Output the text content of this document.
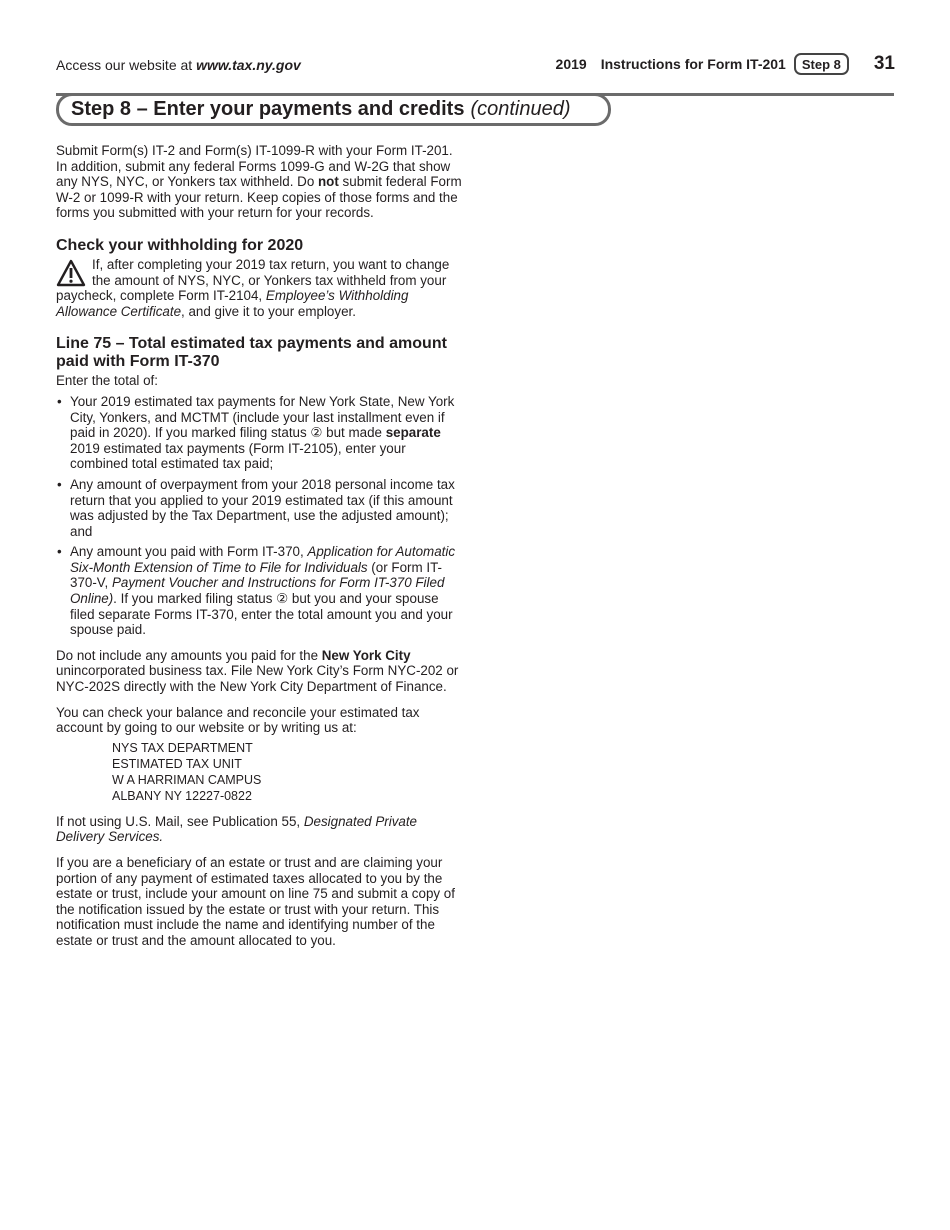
Access our website at www.tax.ny.gov	2019 Instructions for Form IT-201	Step 8	31
Step 8 – Enter your payments and credits (continued)

Submit Form(s) IT-2 and Form(s) IT-1099-R with your Form IT-201. In addition, submit any federal Forms 1099-G and W-2G that show any NYS, NYC, or Yonkers tax withheld. Do not submit federal Form W-2 or 1099-R with your return. Keep copies of those forms and the forms you submitted with your return for your records.

Check your withholding for 2020

If, after completing your 2019 tax return, you want to change the amount of NYS, NYC, or Yonkers tax withheld from your paycheck, complete Form IT-2104, Employee’s Withholding Allowance Certificate, and give it to your employer.

Line 75 – Total estimated tax payments and amount paid with Form IT-370

Enter the total of:

• Your 2019 estimated tax payments for New York State, New York City, Yonkers, and MCTMT (include your last installment even if paid in 2020). If you marked filing status ② but made separate 2019 estimated tax payments (Form IT-2105), enter your combined total estimated tax paid;
• Any amount of overpayment from your 2018 personal income tax return that you applied to your 2019 estimated tax (if this amount was adjusted by the Tax Department, use the adjusted amount); and
• Any amount you paid with Form IT-370, Application for Automatic Six-Month Extension of Time to File for Individuals (or Form IT-370-V, Payment Voucher and Instructions for Form IT-370 Filed Online). If you marked filing status ② but you and your spouse filed separate Forms IT-370, enter the total amount you and your spouse paid.

Do not include any amounts you paid for the New York City unincorporated business tax. File New York City’s Form NYC-202 or NYC-202S directly with the New York City Department of Finance.

You can check your balance and reconcile your estimated tax account by going to our website or by writing us at:

NYS TAX DEPARTMENT
ESTIMATED TAX UNIT
W A HARRIMAN CAMPUS
ALBANY NY 12227-0822

If not using U.S. Mail, see Publication 55, Designated Private Delivery Services.

If you are a beneficiary of an estate or trust and are claiming your portion of any payment of estimated taxes allocated to you by the estate or trust, include your amount on line 75 and submit a copy of the notification issued by the estate or trust with your return. This notification must include the name and identifying number of the estate or trust and the amount allocated to you.
